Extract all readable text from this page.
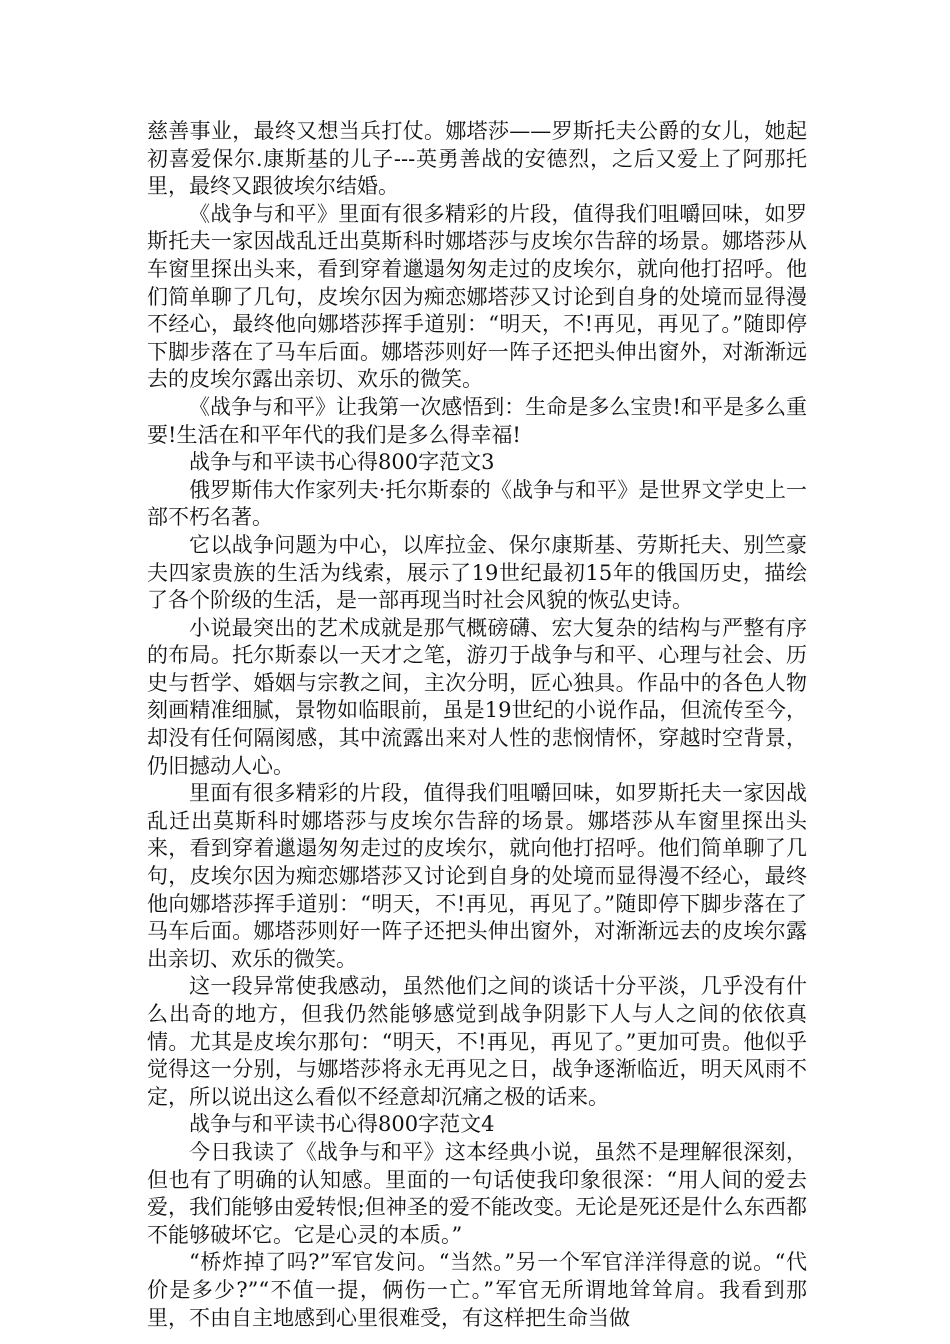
慈善事业，最终又想当兵打仗。娜塔莎——罗斯托夫公爵的女儿，她起初喜爱保尔.康斯基的儿子---英勇善战的安德烈，之后又爱上了阿那托里，最终又跟彼埃尔结婚。

《战争与和平》里面有很多精彩的片段，值得我们咀嚼回味，如罗斯托夫一家因战乱迁出莫斯科时娜塔莎与皮埃尔告辞的场景。娜塔莎从车窗里探出头来，看到穿着邋遢匆匆走过的皮埃尔，就向他打招呼。他们简单聊了几句，皮埃尔因为痴恋娜塔莎又讨论到自身的处境而显得漫不经心，最终他向娜塔莎挥手道别：“明天，不!再见，再见了。”随即停下脚步落在了马车后面。娜塔莎则好一阵子还把头伸出窗外，对渐渐远去的皮埃尔露出亲切、欢乐的微笑。

《战争与和平》让我第一次感悟到：生命是多么宝贵!和平是多么重要!生活在和平年代的我们是多么得幸福!

战争与和平读书心得800字范文3

俄罗斯伟大作家列夫·托尔斯泰的《战争与和平》是世界文学史上一部不朽名著。

它以战争问题为中心，以库拉金、保尔康斯基、劳斯托夫、别竺豪夫四家贵族的生活为线索，展示了19世纪最初15年的俄国历史，描绘了各个阶级的生活，是一部再现当时社会风貌的恢弘史诗。

小说最突出的艺术成就是那气概磅礴、宏大复杂的结构与严整有序的布局。托尔斯泰以一天才之笔，游刃于战争与和平、心理与社会、历史与哲学、婚姻与宗教之间，主次分明，匠心独具。作品中的各色人物刻画精准细腻，景物如临眼前，虽是19世纪的小说作品，但流传至今，却没有任何隔阂感，其中流露出来对人性的悲悯情怀，穿越时空背景，仍旧撼动人心。

里面有很多精彩的片段，值得我们咀嚼回味，如罗斯托夫一家因战乱迁出莫斯科时娜塔莎与皮埃尔告辞的场景。娜塔莎从车窗里探出头来，看到穿着邋遢匆匆走过的皮埃尔，就向他打招呼。他们简单聊了几句，皮埃尔因为痴恋娜塔莎又讨论到自身的处境而显得漫不经心，最终他向娜塔莎挥手道别：“明天，不!再见，再见了。”随即停下脚步落在了马车后面。娜塔莎则好一阵子还把头伸出窗外，对渐渐远去的皮埃尔露出亲切、欢乐的微笑。

这一段异常使我感动，虽然他们之间的谈话十分平淡，几乎没有什么出奇的地方，但我仍然能够感觉到战争阴影下人与人之间的依依真情。尤其是皮埃尔那句：“明天，不!再见，再见了。”更加可贵。他似乎觉得这一分别，与娜塔莎将永无再见之日，战争逐渐临近，明天风雨不定，所以说出这么看似不经意却沉痛之极的话来。

战争与和平读书心得800字范文4

今日我读了《战争与和平》这本经典小说，虽然不是理解很深刻，但也有了明确的认知感。里面的一句话使我印象很深：“用人间的爱去爱，我们能够由爱转恨;但神圣的爱不能改变。无论是死还是什么东西都不能够破坏它。它是心灵的本质。”

“桥炸掉了吗?”军官发问。“当然。”另一个军官洋洋得意的说。“代价是多少?”“不值一提，俩伤一亡。”军官无所谓地耸耸肩。我看到那里，不由自主地感到心里很难受，有这样把生命当做
